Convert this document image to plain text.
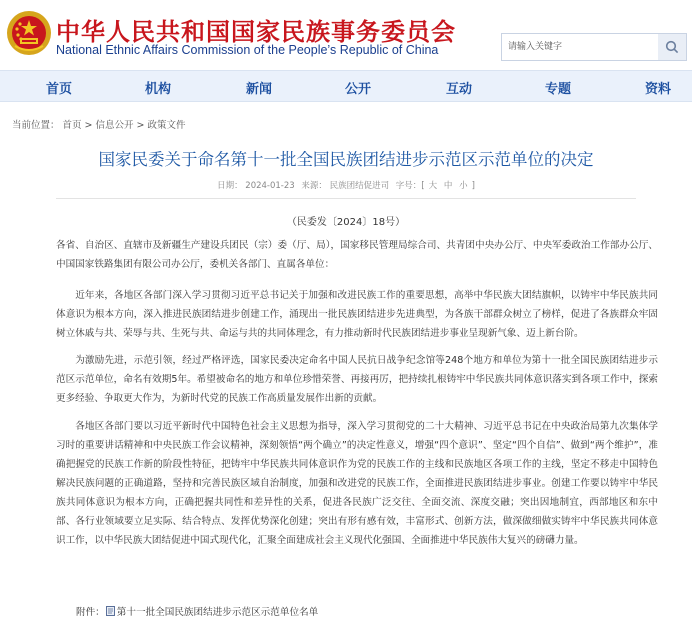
中华人民共和国国家民族事务委员会
National Ethnic Affairs Commission of the People’s Republic of China
请输入关键字
首页	机构	新闻	公开	互动	专题	资料
当前位置： 首页 > 信息公开 > 政策文件
国家民委关于命名第十一批全国民族团结进步示范区示范单位的决定
日期： 2024-01-23 来源： 民族团结促进司 字号：[ 大 中 小 ]
（民委发〔2024〕18号）
各省、自治区、直辖市及新疆生产建设兵团民（宗）委（厅、局），国家移民管理局综合司、共青团中央办公厅、中央军委政治工作部办公厅、中国国家铁路集团有限公司办公厅，委机关各部门、直属各单位：
近年来，各地区各部门深入学习贯彻习近平总书记关于加强和改进民族工作的重要思想，高举中华民族大团结旗帜，以铸牢中华民族共同体意识为根本方向，深入推进民族团结进步创建工作，涌现出一批民族团结进步先进典型，为各族干部群众树立了榜样，促进了各族群众牢固树立休戚与共、荣辱与共、生死与共、命运与共的共同体理念，有力推动新时代民族团结进步事业呈现新气象、迈上新台阶。
为激励先进，示范引领，经过严格评选，国家民委决定命名中国人民抗日战争纪念馆等248个地方和单位为第十一批全国民族团结进步示范区示范单位，命名有效期5年。希望被命名的地方和单位珍惜荣誉、再接再厉，把持续扎根铸牢中华民族共同体意识落实到各项工作中，探索更多经验、争取更大作为，为新时代党的民族工作高质量发展作出新的贡献。
各地区各部门要以习近平新时代中国特色社会主义思想为指导，深入学习贯彻党的二十大精神、习近平总书记在中央政治局第九次集体学习时的重要讲话精神和中央民族工作会议精神，深刻领悟“两个确立”的决定性意义，增强“四个意识”、坚定“四个自信”、做到“两个维护”，准确把握党的民族工作新的阶段性特征，把铸牢中华民族共同体意识作为党的民族工作的主线和民族地区各项工作的主线，坚定不移走中国特色解决民族问题的正确道路，坚持和完善民族区域自治制度，加强和改进党的民族工作，全面推进民族团结进步事业。创建工作要以铸牢中华民族共同体意识为根本方向，正确把握共同性和差异性的关系，促进各民族广泛交往、全面交流、深度交融；突出因地制宜，西部地区和东中部、各行业领域要立足实际、结合特点、发挥优势深化创建；突出有形有感有效，丰富形式、创新方法，做深做细做实铸牢中华民族共同体意识工作，以中华民族大团结促进中国式现代化，汇聚全面建成社会主义现代化强国、全面推进中华民族伟大复兴的磅礴力量。
附件： 第十一批全国民族团结进步示范区示范单位名单
